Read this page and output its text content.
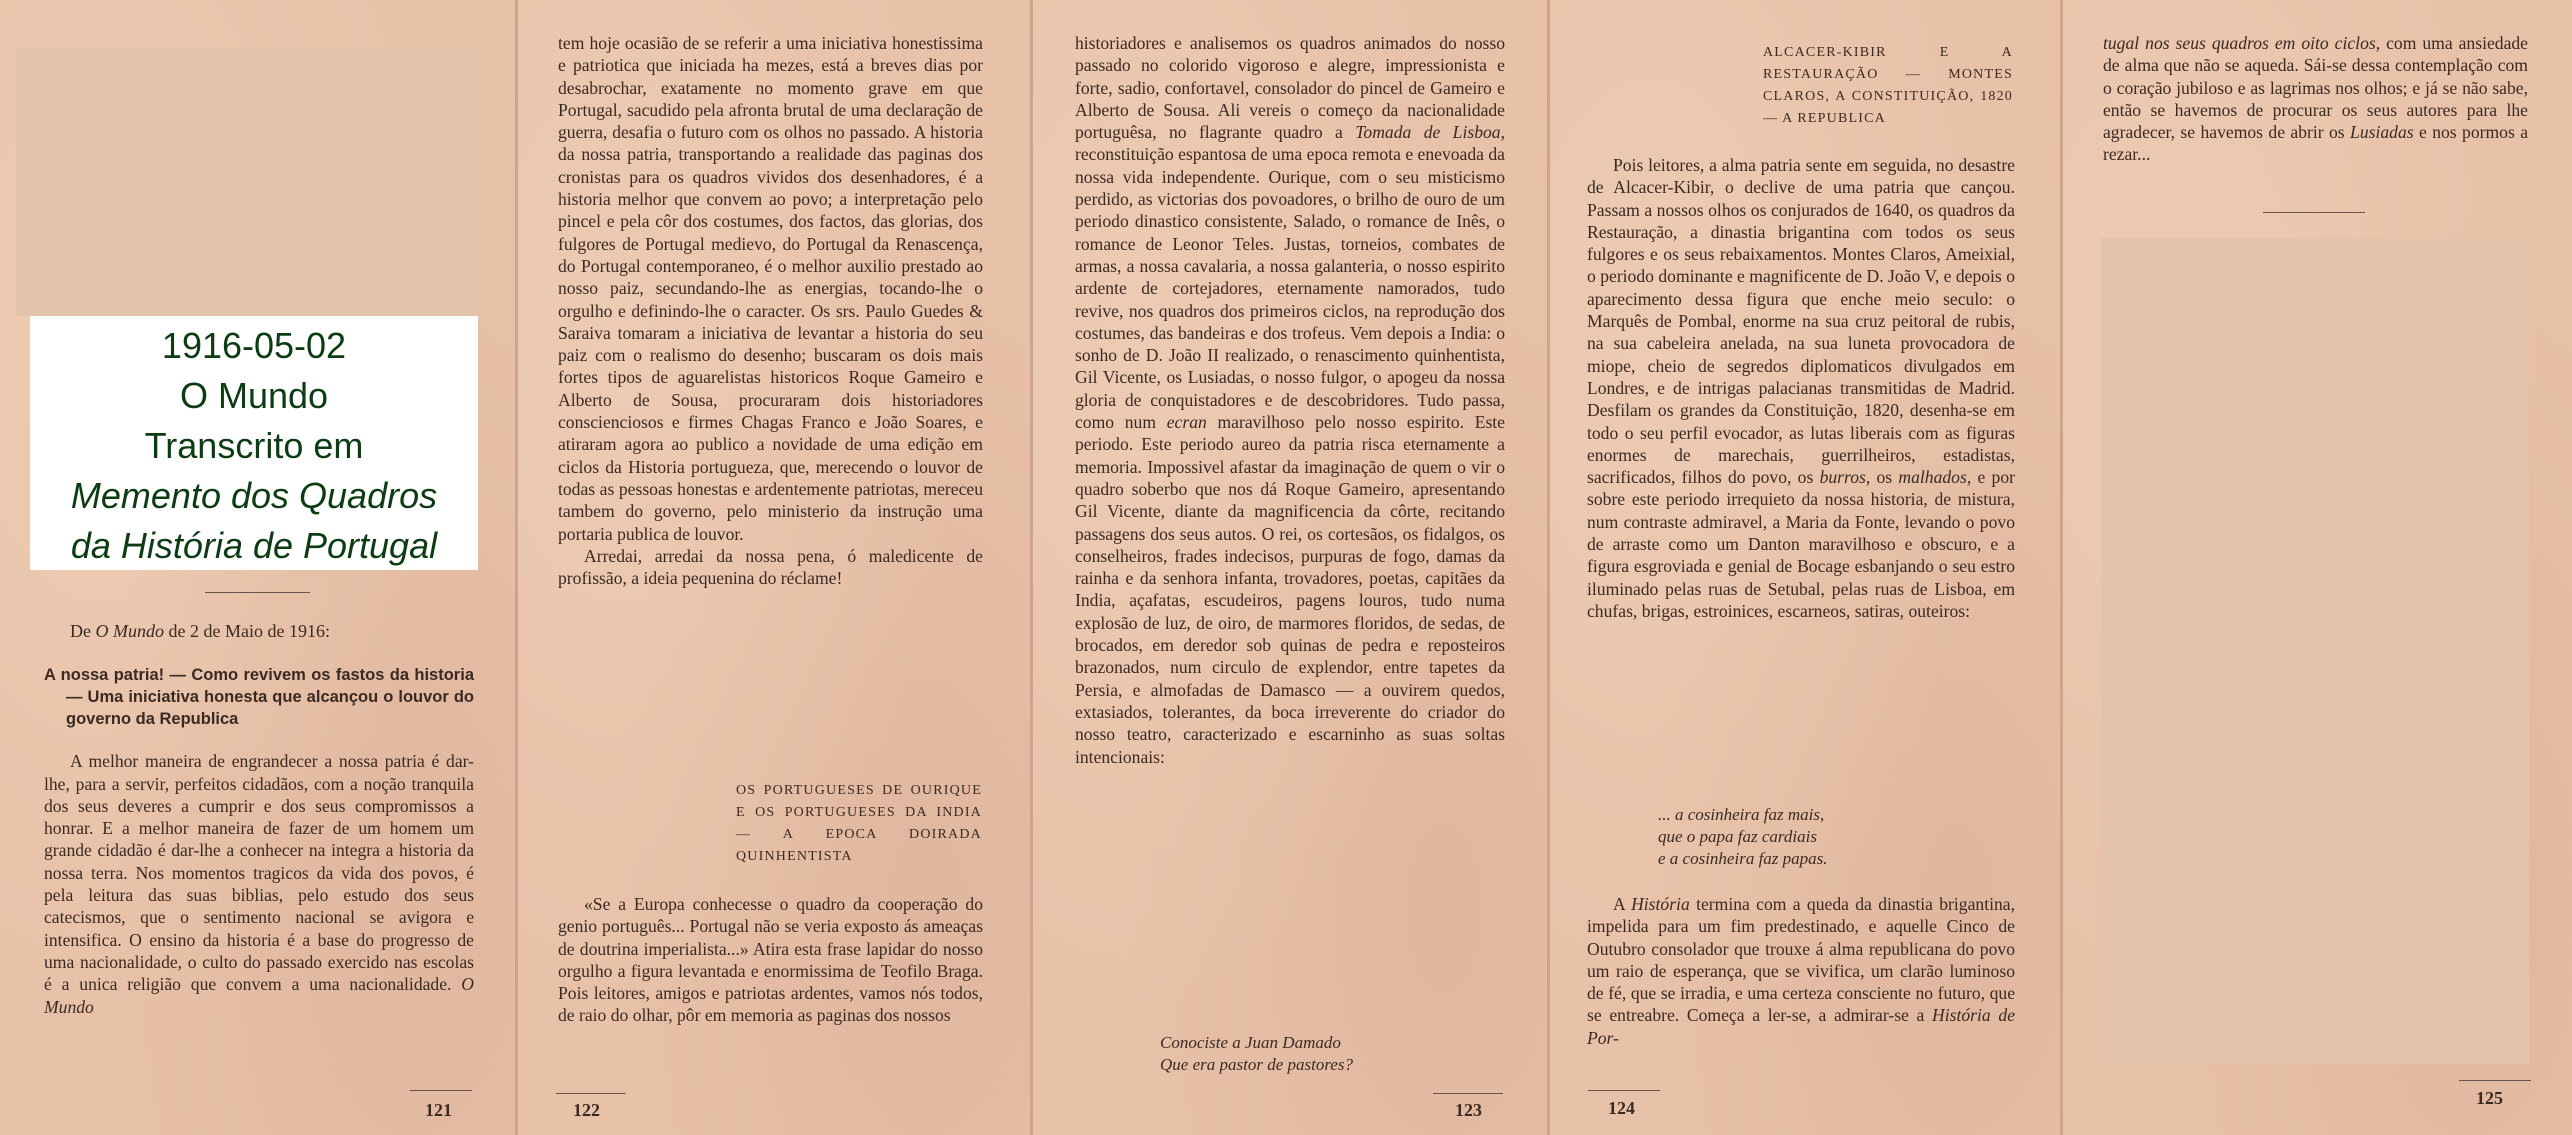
1916-05-02
O Mundo
Transcrito em
Memento dos Quadros
da História de Portugal

De O Mundo de 2 de Maio de 1916:

A nossa patria! — Como revivem os fastos da historia — Uma iniciativa honesta que alcançou o louvor do governo da Republica

A melhor maneira de engrandecer a nossa patria é dar-lhe, para a servir, perfeitos cidadãos, com a noção tranquila dos seus deveres a cumprir e dos seus compromissos a honrar. E a melhor maneira de fazer de um homem um grande cidadão é dar-lhe a conhecer na integra a historia da nossa terra. Nos momentos tragicos da vida dos povos, é pela leitura das suas biblias, pelo estudo dos seus catecismos, que o sentimento nacional se avigora e intensifica. O ensino da historia é a base do progresso de uma nacionalidade, o culto do passado exercido nas escolas é a unica religião que convem a uma nacionalidade. O Mundo

121

tem hoje ocasião de se referir a uma iniciativa honestissima e patriotica que iniciada ha mezes, está a breves dias por desabrochar, exatamente no momento grave em que Portugal, sacudido pela afronta brutal de uma declaração de guerra, desafia o futuro com os olhos no passado. A historia da nossa patria, transportando a realidade das paginas dos cronistas para os quadros vividos dos desenhadores, é a historia melhor que convem ao povo; a interpretação pelo pincel e pela côr dos costumes, dos factos, das glorias, dos fulgores de Portugal medievo, do Portugal da Renascença, do Portugal contemporaneo, é o melhor auxilio prestado ao nosso paiz, secundando-lhe as energias, tocando-lhe o orgulho e definindo-lhe o caracter. Os srs. Paulo Guedes & Saraiva tomaram a iniciativa de levantar a historia do seu paiz com o realismo do desenho; buscaram os dois mais fortes tipos de aguarelistas historicos Roque Gameiro e Alberto de Sousa, procuraram dois historiadores conscienciosos e firmes Chagas Franco e João Soares, e atiraram agora ao publico a novidade de uma edição em ciclos da Historia portugueza, que, merecendo o louvor de todas as pessoas honestas e ardentemente patriotas, mereceu tambem do governo, pelo ministerio da instrução uma portaria publica de louvor.

Arredai, arredai da nossa pena, ó maledicente de profissão, a ideia pequenina do réclame!

OS PORTUGUESES DE OURIQUE E OS PORTUGUESES DA INDIA — A EPOCA DOIRADA QUINHENTISTA

«Se a Europa conhecesse o quadro da cooperação do genio português... Portugal não se veria exposto ás ameaças de doutrina imperialista...» Atira esta frase lapidar do nosso orgulho a figura levantada e enormissima de Teofilo Braga. Pois leitores, amigos e patriotas ardentes, vamos nós todos, de raio do olhar, pôr em memoria as paginas dos nossos

122

historiadores e analisemos os quadros animados do nosso passado no colorido vigoroso e alegre, impressionista e forte, sadio, confortavel, consolador do pincel de Gameiro e Alberto de Sousa. Ali vereis o começo da nacionalidade portuguêsa, no flagrante quadro a Tomada de Lisboa, reconstituição espantosa de uma epoca remota e enevoada da nossa vida independente. Ourique, com o seu misticismo perdido, as victorias dos povoadores, o brilho de ouro de um periodo dinastico consistente, Salado, o romance de Inês, o romance de Leonor Teles. Justas, torneios, combates de armas, a nossa cavalaria, a nossa galanteria, o nosso espirito ardente de cortejadores, eternamente namorados, tudo revive, nos quadros dos primeiros ciclos, na reprodução dos costumes, das bandeiras e dos trofeus. Vem depois a India: o sonho de D. João II realizado, o renascimento quinhentista, Gil Vicente, os Lusiadas, o nosso fulgor, o apogeu da nossa gloria de conquistadores e de descobridores. Tudo passa, como num ecran maravilhoso pelo nosso espirito. Este periodo. Este periodo aureo da patria risca eternamente a memoria. Impossivel afastar da imaginação de quem o vir o quadro soberbo que nos dá Roque Gameiro, apresentando Gil Vicente, diante da magnificencia da côrte, recitando passagens dos seus autos. O rei, os cortesãos, os fidalgos, os conselheiros, frades indecisos, purpuras de fogo, damas da rainha e da senhora infanta, trovadores, poetas, capitães da India, açafatas, escudeiros, pagens louros, tudo numa explosão de luz, de oiro, de marmores floridos, de sedas, de brocados, em deredor sob quinas de pedra e reposteiros brazonados, num circulo de explendor, entre tapetes da Persia, e almofadas de Damasco — a ouvirem quedos, extasiados, tolerantes, da boca irreverente do criador do nosso teatro, caracterizado e escarninho as suas soltas intencionais:

Conociste a Juan Damado
Que era pastor de pastores?
123
ALCACER-KIBIR E A RESTAURAÇÃO — MONTES CLAROS, A CONSTITUIÇÃO, 1820 — A REPUBLICA

Pois leitores, a alma patria sente em seguida, no desastre de Alcacer-Kibir, o declive de uma patria que cançou. Passam a nossos olhos os conjurados de 1640, os quadros da Restauração, a dinastia brigantina com todos os seus fulgores e os seus rebaixamentos. Montes Claros, Ameixial, o periodo dominante e magnificente de D. João V, e depois o aparecimento dessa figura que enche meio seculo: o Marquês de Pombal, enorme na sua cruz peitoral de rubis, na sua cabeleira anelada, na sua luneta provocadora de miope, cheio de segredos diplomaticos divulgados em Londres, e de intrigas palacianas transmitidas de Madrid. Desfilam os grandes da Constituição, 1820, desenha-se em todo o seu perfil evocador, as lutas liberais com as figuras enormes de marechais, guerrilheiros, estadistas, sacrificados, filhos do povo, os burros, os malhados, e por sobre este periodo irrequieto da nossa historia, de mistura, num contraste admiravel, a Maria da Fonte, levando o povo de arraste como um Danton maravilhoso e obscuro, e a figura esgroviada e genial de Bocage esbanjando o seu estro iluminado pelas ruas de Setubal, pelas ruas de Lisboa, em chufas, brigas, estroinices, escarneos, satiras, outeiros:

... a cosinheira faz mais,
que o papa faz cardiais
e a cosinheira faz papas.

A História termina com a queda da dinastia brigantina, impelida para um fim predestinado, e aquelle Cinco de Outubro consolador que trouxe á alma republicana do povo um raio de esperança, que se vivifica, um clarão luminoso de fé, que se irradia, e uma certeza consciente no futuro, que se entreabre. Começa a ler-se, a admirar-se a História de Por-

124

tugal nos seus quadros em oito ciclos, com uma ansiedade de alma que não se aqueda. Sái-se dessa contemplação com o coração jubiloso e as lagrimas nos olhos; e já se não sabe, então se havemos de procurar os seus autores para lhe agradecer, se havemos de abrir os Lusiadas e nos pormos a rezar...

125
